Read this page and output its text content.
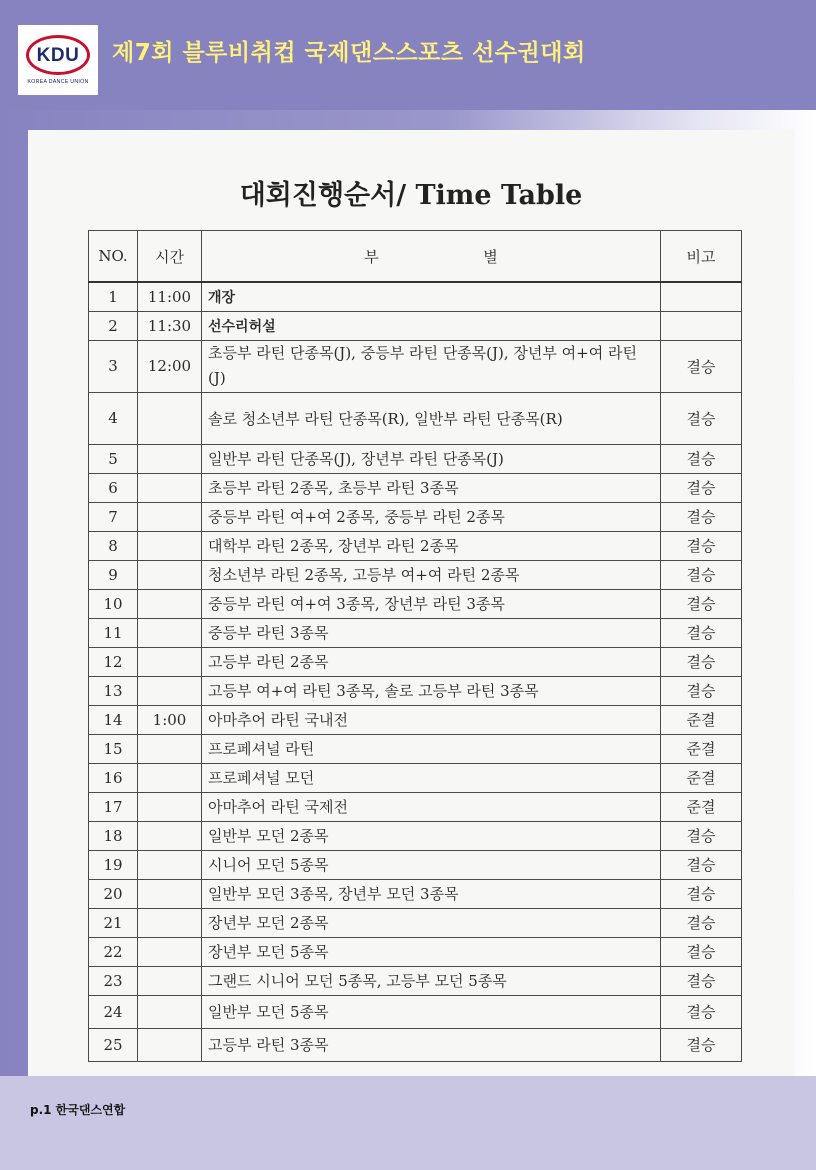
KDU
KOREA DANCE UNION
제7회 블루비취컵 국제댄스스포츠 선수권대회
대회진행순서/ Time Table
NO.	시간	부 별	비고
1	11:00	개장	
2	11:30	선수리허설	
3	12:00	초등부 라틴 단종목(J), 중등부 라틴 단종목(J), 장년부 여+여 라틴(J)	결승
4		솔로 청소년부 라틴 단종목(R), 일반부 라틴 단종목(R)	결승
5		일반부 라틴 단종목(J), 장년부 라틴 단종목(J)	결승
6		초등부 라틴 2종목, 초등부 라틴 3종목	결승
7		중등부 라틴 여+여 2종목, 중등부 라틴 2종목	결승
8		대학부 라틴 2종목, 장년부 라틴 2종목	결승
9		청소년부 라틴 2종목, 고등부 여+여 라틴 2종목	결승
10		중등부 라틴 여+여 3종목, 장년부 라틴 3종목	결승
11		중등부 라틴 3종목	결승
12		고등부 라틴 2종목	결승
13		고등부 여+여 라틴 3종목, 솔로 고등부 라틴 3종목	결승
14	1:00	아마추어 라틴 국내전	준결
15		프로페셔널 라틴	준결
16		프로페셔널 모던	준결
17		아마추어 라틴 국제전	준결
18		일반부 모던 2종목	결승
19		시니어 모던 5종목	결승
20		일반부 모던 3종목, 장년부 모던 3종목	결승
21		장년부 모던 2종목	결승
22		장년부 모던 5종목	결승
23		그랜드 시니어 모던 5종목, 고등부 모던 5종목	결승
24		일반부 모던 5종목	결승
25		고등부 라틴 3종목	결승
p.1 한국댄스연합
